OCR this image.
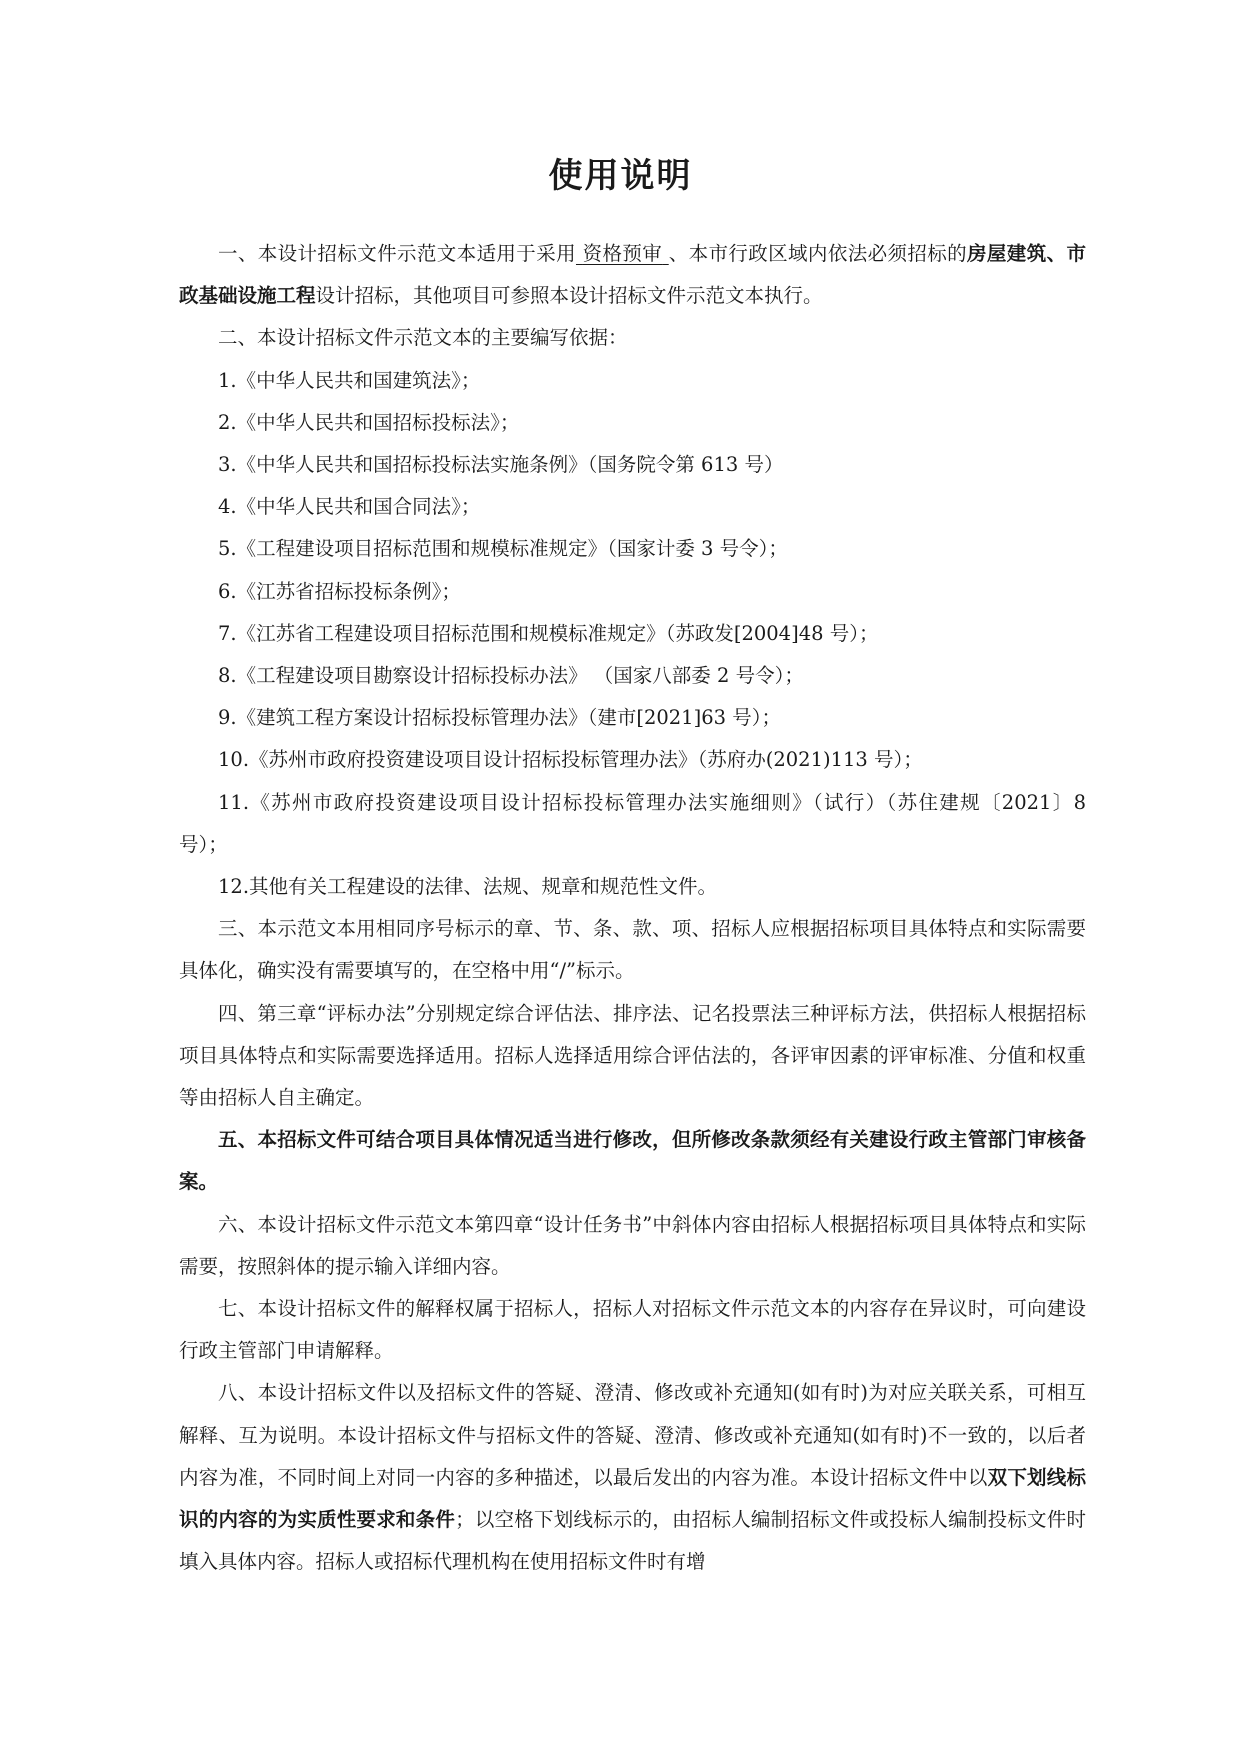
使用说明

一、本设计招标文件示范文本适用于采用 资格预审 、本市行政区域内依法必须招标的房屋建筑、市政基础设施工程设计招标，其他项目可参照本设计招标文件示范文本执行。

二、本设计招标文件示范文本的主要编写依据：

1.《中华人民共和国建筑法》；

2.《中华人民共和国招标投标法》；

3.《中华人民共和国招标投标法实施条例》（国务院令第 613 号）

4.《中华人民共和国合同法》；

5.《工程建设项目招标范围和规模标准规定》（国家计委 3 号令）；

6.《江苏省招标投标条例》；

7.《江苏省工程建设项目招标范围和规模标准规定》（苏政发[2004]48 号）；

8.《工程建设项目勘察设计招标投标办法》 （国家八部委 2 号令）；

9.《建筑工程方案设计招标投标管理办法》（建市[2021]63 号）；

10.《苏州市政府投资建设项目设计招标投标管理办法》（苏府办(2021)113 号）；

11.《苏州市政府投资建设项目设计招标投标管理办法实施细则》（试行）（苏住建规〔2021〕8 号）；

12.其他有关工程建设的法律、法规、规章和规范性文件。

三、本示范文本用相同序号标示的章、节、条、款、项、招标人应根据招标项目具体特点和实际需要具体化，确实没有需要填写的，在空格中用“/”标示。

四、第三章“评标办法”分别规定综合评估法、排序法、记名投票法三种评标方法，供招标人根据招标项目具体特点和实际需要选择适用。招标人选择适用综合评估法的，各评审因素的评审标准、分值和权重等由招标人自主确定。

五、本招标文件可结合项目具体情况适当进行修改，但所修改条款须经有关建设行政主管部门审核备案。

六、本设计招标文件示范文本第四章“设计任务书”中斜体内容由招标人根据招标项目具体特点和实际需要，按照斜体的提示输入详细内容。

七、本设计招标文件的解释权属于招标人，招标人对招标文件示范文本的内容存在异议时，可向建设行政主管部门申请解释。

八、本设计招标文件以及招标文件的答疑、澄清、修改或补充通知(如有时)为对应关联关系，可相互解释、互为说明。本设计招标文件与招标文件的答疑、澄清、修改或补充通知(如有时)不一致的，以后者内容为准，不同时间上对同一内容的多种描述，以最后发出的内容为准。本设计招标文件中以双下划线标识的内容的为实质性要求和条件；以空格下划线标示的，由招标人编制招标文件或投标人编制投标文件时填入具体内容。招标人或招标代理机构在使用招标文件时有增
